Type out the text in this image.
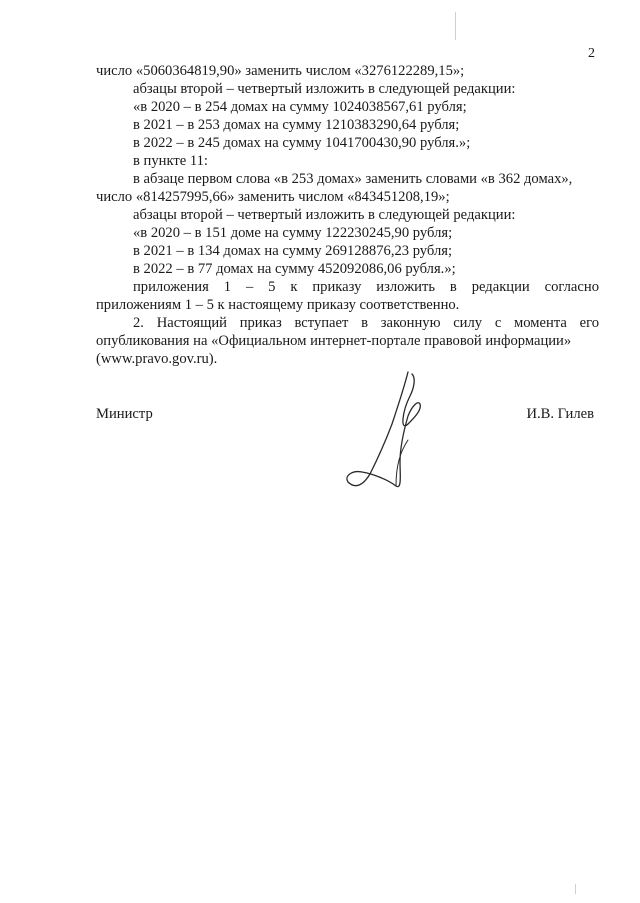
2
число «5060364819,90» заменить числом «3276122289,15»;
абзацы второй – четвертый изложить в следующей редакции:
«в 2020 – в 254 домах на сумму 1024038567,61 рубля;
в 2021 – в 253 домах на сумму 1210383290,64 рубля;
в 2022 – в 245 домах на сумму 1041700430,90 рубля.»;
в пункте 11:
в абзаце первом слова «в 253 домах» заменить словами «в 362 домах»,
число «814257995,66» заменить числом «843451208,19»;
абзацы второй – четвертый изложить в следующей редакции:
«в 2020 – в 151 доме на сумму 122230245,90 рубля;
в 2021 – в 134 домах на сумму 269128876,23 рубля;
в 2022 – в 77 домах на сумму 452092086,06 рубля.»;
приложения 1 – 5 к приказу изложить в редакции согласно
приложениям 1 – 5 к настоящему приказу соответственно.
2. Настоящий приказ вступает в законную силу с момента его
опубликования на «Официальном интернет-портале правовой информации»
(www.pravo.gov.ru).
Министр	И.В. Гилев
